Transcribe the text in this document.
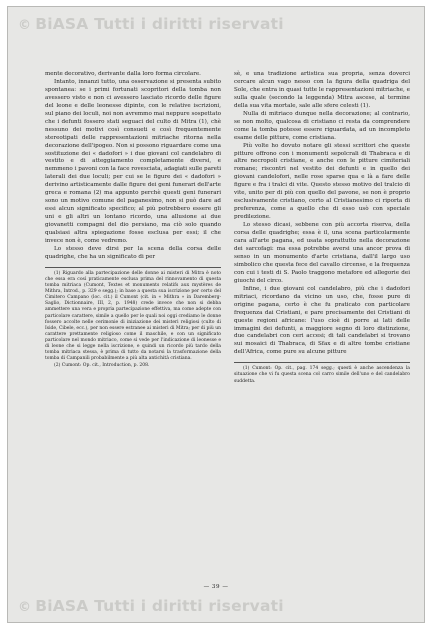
© BiASA Tutti i diritti riservati

mente decorativo, derivante dalla loro forma circolare.

Intanto, innanzi tutto, una osservazione si presenta subito spontanea: se i primi fortunati scopritori della tomba non avessero visto e non ci avessero lasciato ricordo delle figure del leone e delle leonesse dipinte, con le relative iscrizioni, sul piano dei loculi, noi non avremmo mai neppure sospettato che i defunti fossero stati seguaci del culto di Mitra (1), chè nessuno dei motivi così consueti e così frequentemente stereotipati delle rappresentazioni mitriache ritorna nella decorazione dell'ipogeo. Non si possono riguardare come una sostituzione dei « dadofori » i due giovani col candelabro di vestito e di atteggiamento completamente diversi, e nemmeno i pavoni con la face rovesciata, adagiati sulle pareti laterali dei due loculi; per cui se le figure dei « dadofori » derivino artisticamente dalle figure dei geni funerari dell'arte greca e romana (2) ma appunto perchè questi geni funerari sono un motivo comune del paganesimo, non si può dare ad essi alcun significato specifico; al più potrebbero essere gli uni e gli altri un lontano ricordo, una allusione ai due giovanetti compagni del dio persiano, ma ciò solo quando qualsiasi altra spiegazione fosse esclusa per essi; il che invece non è, come vedremo.

Lo stesso deve dirsi per la scena della corsa delle quadrighe, che ha un significato di per

(1) Riguardo alla partecipazione delle donne ai misteri di Mitra è noto che essa era così praticamente esclusa prima del rinnovamento di questa tomba mitriaca (Cumont, Textes et monuments relatifs aux mystères de Mithra, Introd., p. 329 e segg.); in base a questa sua iscrizione per certo del Cimitero Campano (loc. cit.) il Cumont (cit. in « Mithra » in Daremberg-Saglio, Dictionnaire, III, 2, p. 1948) crede invece che non si debba ammettere una vera e propria partecipazione effettiva, ma come adepte con particolare carattere, simile a quello per le quali noi oggi crediamo le donne fossero accolte nelle cerimonie di iniziazione dei misteri religiosi (culto di Iside, Cibele, ecc.), per non essere estranee ai misteri di Mitra; per di più un carattere prettamente religioso come il maschile, e con un significato particolare nel mondo mitriaco, come si vede per l'indicazione di leonesse e di leone che si legge nella iscrizione, e quindi un ricordo più tardo della tomba mitriaca stessa, è prima di tutto da notarsi la trasformazione della tomba di Campanili probabilmente a più alta antichità cristiana.

(2) Cumont: Op. cit., Introduction, p. 208.

sè, e una tradizione artistica sua propria, senza doverci cercare alcun vago nesso con la figura della quadriga del Sole, che entra in quasi tutte le rappresentazioni mitriache, e sulla quale (secondo la leggenda) Mitra ascese, al termine della sua vita mortale, sale alle sfere celesti (1).

Nulla di mitriaco dunque nella decorazione; al contrario, se non molto, qualcosa di cristiano ci resta da comprendere come la tomba potesse essere riguardata, ad un incompleto esame delle pitture, come cristiana.

Più volte ho dovuto notare gli stessi scrittori che queste pitture offrono con i monumenti sepolcrali di Thabraca e di altre necropoli cristiane, e anche con le pitture cimiteriali romane; riscontri nel vestito dei defunti e in quello dei giovani candelofori, nelle rose sparse qua e là a fare delle figure e fra i tralci di vite. Questo stesso motivo del tralcio di vite, unito per di più con quello del pavone, se non è proprio esclusivamente cristiano, certo al Cristianesimo ci riporta di preferenza, come a quello che di esso usò con speciale predilezione.

Lo stesso dicasi, sebbene con più accorta riserva, della corsa delle quadrighe; essa è il, una scena particolarmente cara all'arte pagana, ed usata soprattutto nella decorazione dei sarcofagi: ma essa potrebbe aversi una ancor prova di senso in un monumento d'arte cristiana, dall'il largo uso simbolico che questa fece del cavallo circense, e la frequenza con cui i testi di S. Paolo traggono metafore ed allegorie dei giuochi del circo.

Infine, i due giovani col candelabro, più che i dadofori mitriaci, ricordano da vicino un uso, che, fosse pure di origine pagana, certo è che fu praticato con particolare frequenza dai Cristiani, e pare precisamente dei Cristiani di queste regioni africane: l'uso cioè di porre ai lati delle immagini dei defunti, a maggiore segno di loro distinzione, due candelabri con ceri accesi; di tali candelabri si trovano sui mosaici di Thabraca, di Sfax e di altre tombe cristiane dell'Africa, come pure su alcune pitture

(1) Cumont: Op. cit., pag. 174 segg.; questi è anche ascendenza la situazione che vi fu questa scena col carro simile dell'uno e del candelabro suddetta.

© BiASA Tutti i diritti riservati
— 39 —
